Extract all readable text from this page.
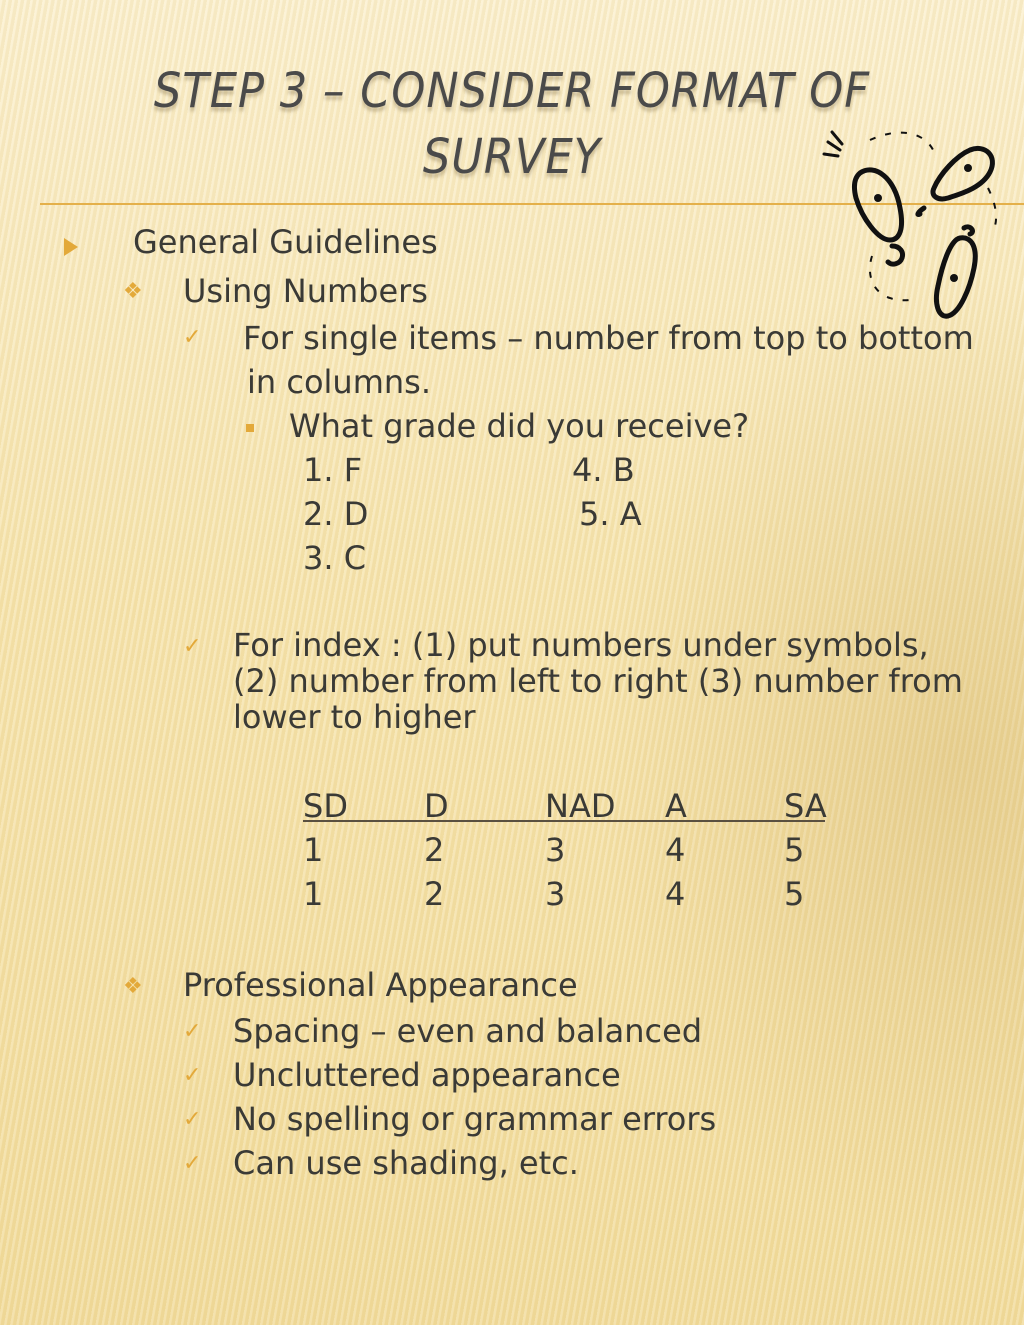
STEP 3 – CONSIDER FORMAT OF SURVEY
General Guidelines
❖ Using Numbers
✓ For single items – number from top to bottom
in columns.
What grade did you receive?
1. F
2. D
3. C
4. B
5. A
✓ For index : (1) put numbers under symbols,
(2) number from left to right (3) number from
lower to higher
SD D	NAD A	SA
1	2	3	4	5
1	2	3	4	5
❖ Professional Appearance
✓ Spacing – even and balanced
✓ Uncluttered appearance
✓ No spelling or grammar errors
✓ Can use shading, etc.
